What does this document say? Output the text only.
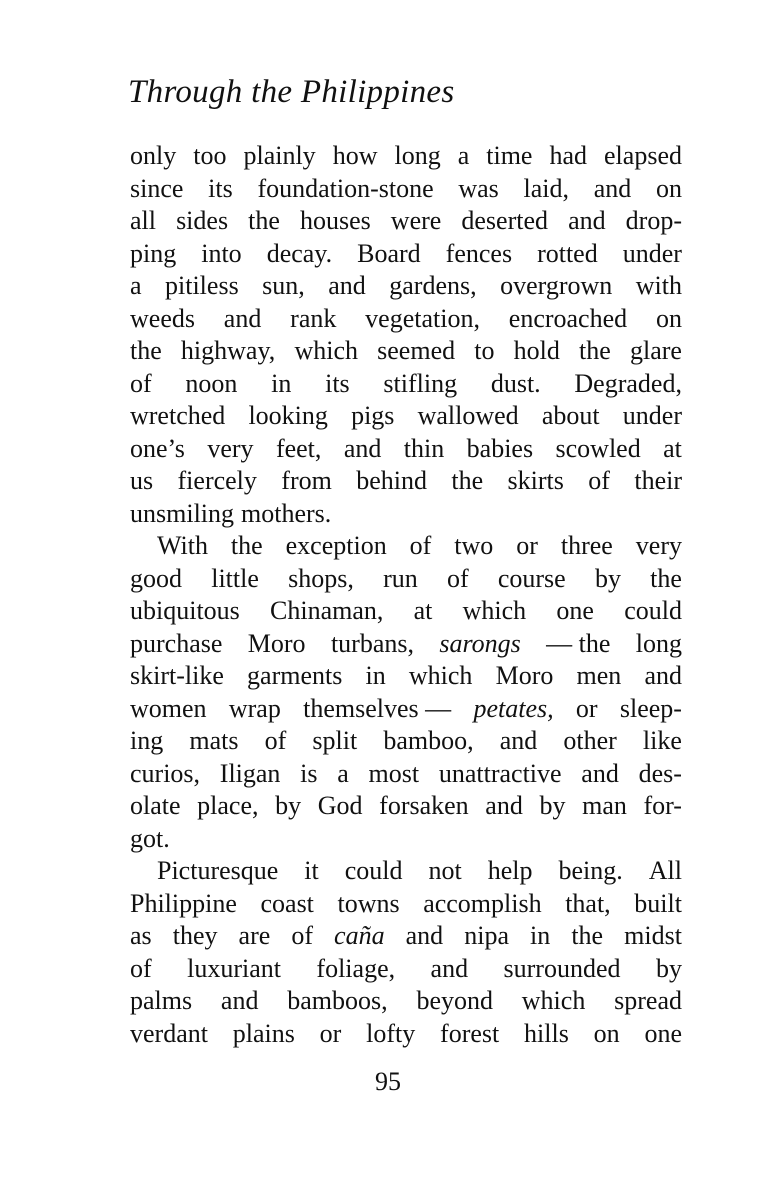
Through the Philippines
only too plainly how long a time had elapsed
since its foundation-stone was laid, and on
all sides the houses were deserted and drop-
ping into decay. Board fences rotted under
a pitiless sun, and gardens, overgrown with
weeds and rank vegetation, encroached on
the highway, which seemed to hold the glare
of noon in its stifling dust. Degraded,
wretched looking pigs wallowed about under
one’s very feet, and thin babies scowled at
us fiercely from behind the skirts of their
unsmiling mothers.
With the exception of two or three very
good little shops, run of course by the
ubiquitous Chinaman, at which one could
purchase Moro turbans, sarongs — the long
skirt-like garments in which Moro men and
women wrap themselves — petates, or sleep-
ing mats of split bamboo, and other like
curios, Iligan is a most unattractive and des-
olate place, by God forsaken and by man for-
got.
Picturesque it could not help being. All
Philippine coast towns accomplish that, built
as they are of caña and nipa in the midst
of luxuriant foliage, and surrounded by
palms and bamboos, beyond which spread
verdant plains or lofty forest hills on one
95
